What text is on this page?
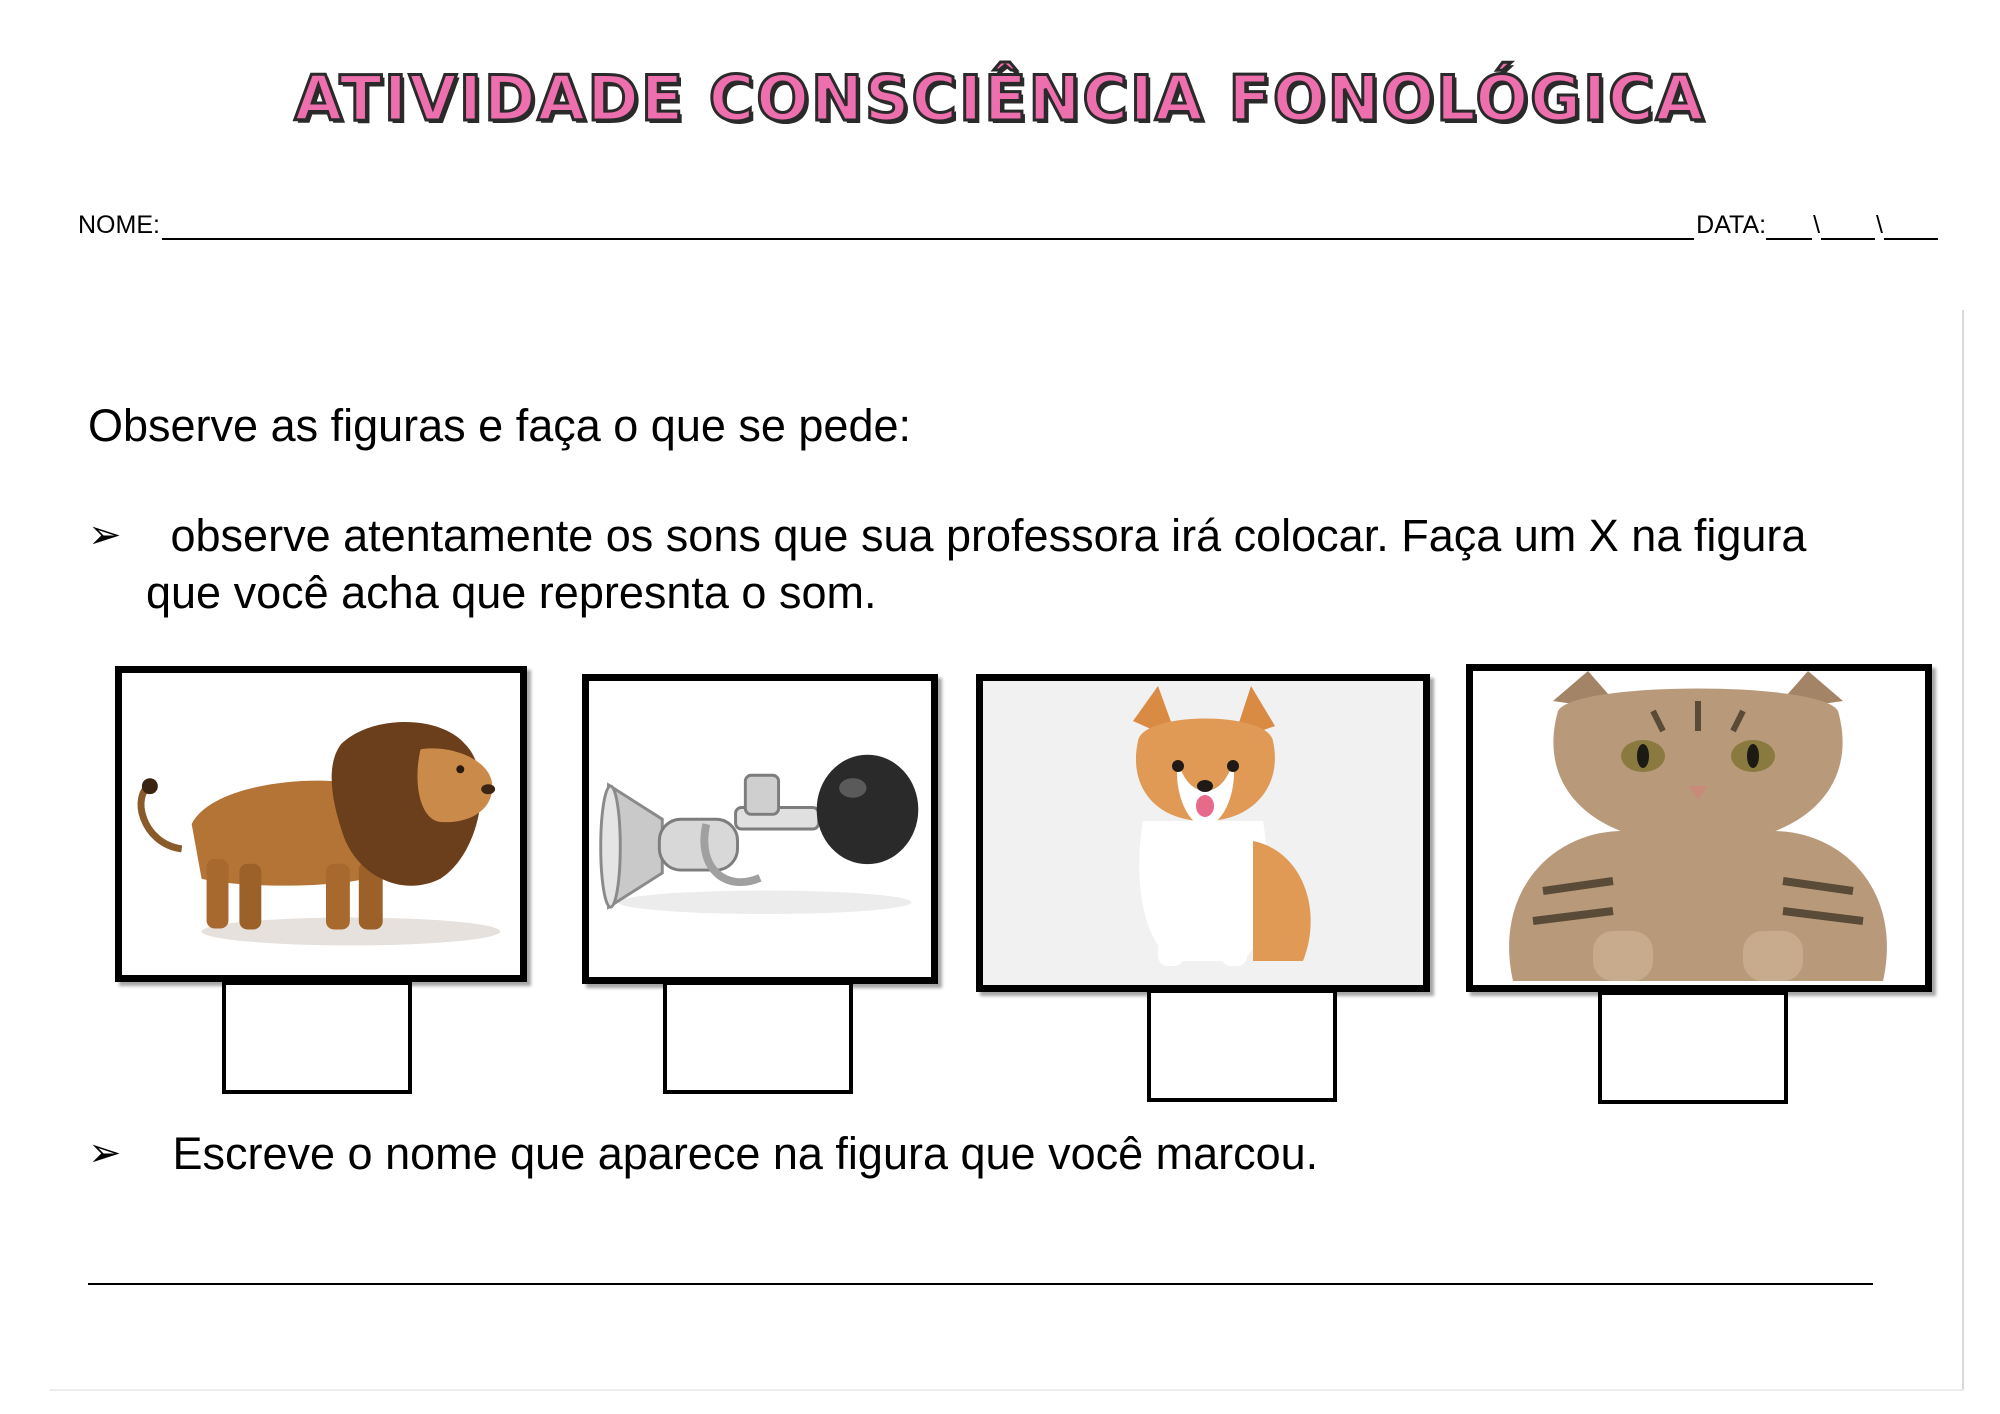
ATIVIDADE CONSCIÊNCIA FONOLÓGICA
NOME:	DATA: \ \
Observe as figuras e faça o que se pede:
➢ observe atentamente os sons que sua professora irá colocar. Faça um X na figura
que você acha que represnta o som.
➢ Escreve o nome que aparece na figura que você marcou.
